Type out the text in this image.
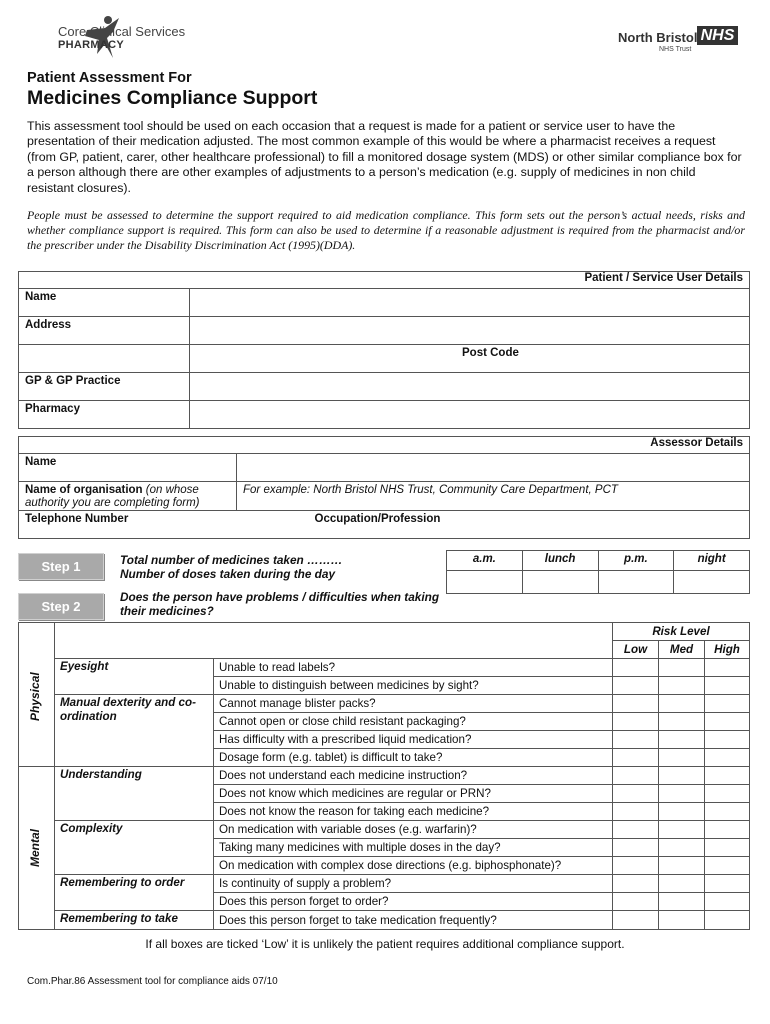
Core Clinical Services
PHARMACY	North Bristol NHS
NHS Trust
Patient Assessment For
Medicines Compliance Support
This assessment tool should be used on each occasion that a request is made for a patient or service user to have the presentation of their medication adjusted. The most common example of this would be where a pharmacist receives a request (from GP, patient, carer, other healthcare professional) to fill a monitored dosage system (MDS) or other similar compliance box for a person although there are other examples of adjustments to a person’s medication (e.g. supply of medicines in non child resistant closures).
People must be assessed to determine the support required to aid medication compliance. This form sets out the person’s actual needs, risks and whether compliance support is required. This form can also be used to determine if a reasonable adjustment is required from the pharmacist and/or the prescriber under the Disability Discrimination Act (1995)(DDA).
Patient / Service User Details	
Name	
Address	
	Post Code
GP & GP Practice	
Pharmacy	
Assessor Details	
Name	
Name of organisation (on whose authority you are completing form)	For example: North Bristol NHS Trust, Community Care Department, PCT
Telephone Number	Occupation/Profession
Step 1	Total number of medicines taken ………
Number of doses taken during the day
a.m.	lunch	p.m.	night

Step 2
Does the person have problems / difficulties when taking their medicines?
			Risk Level		
			Low	Med	High

Physical	Eyesight	Unable to read labels?			
		Unable to distinguish between medicines by sight?			
	Manual dexterity and co-ordination	Cannot manage blister packs?			
		Cannot open or close child resistant packaging?			
		Has difficulty with a prescribed liquid medication?			
		Dosage form (e.g. tablet) is difficult to take?			

Mental	Understanding	Does not understand each medicine instruction?			
		Does not know which medicines are regular or PRN?			
		Does not know the reason for taking each medicine?			
	Complexity	On medication with variable doses (e.g. warfarin)?			
		Taking many medicines with multiple doses in the day?			
		On medication with complex dose directions (e.g. biphosphonate)?			
	Remembering to order	Is continuity of supply a problem?			
		Does this person forget to order?			
	Remembering to take	Does this person forget to take medication frequently?			
If all boxes are ticked ‘Low’ it is unlikely the patient requires additional compliance support.
Com.Phar.86 Assessment tool for compliance aids 07/10
